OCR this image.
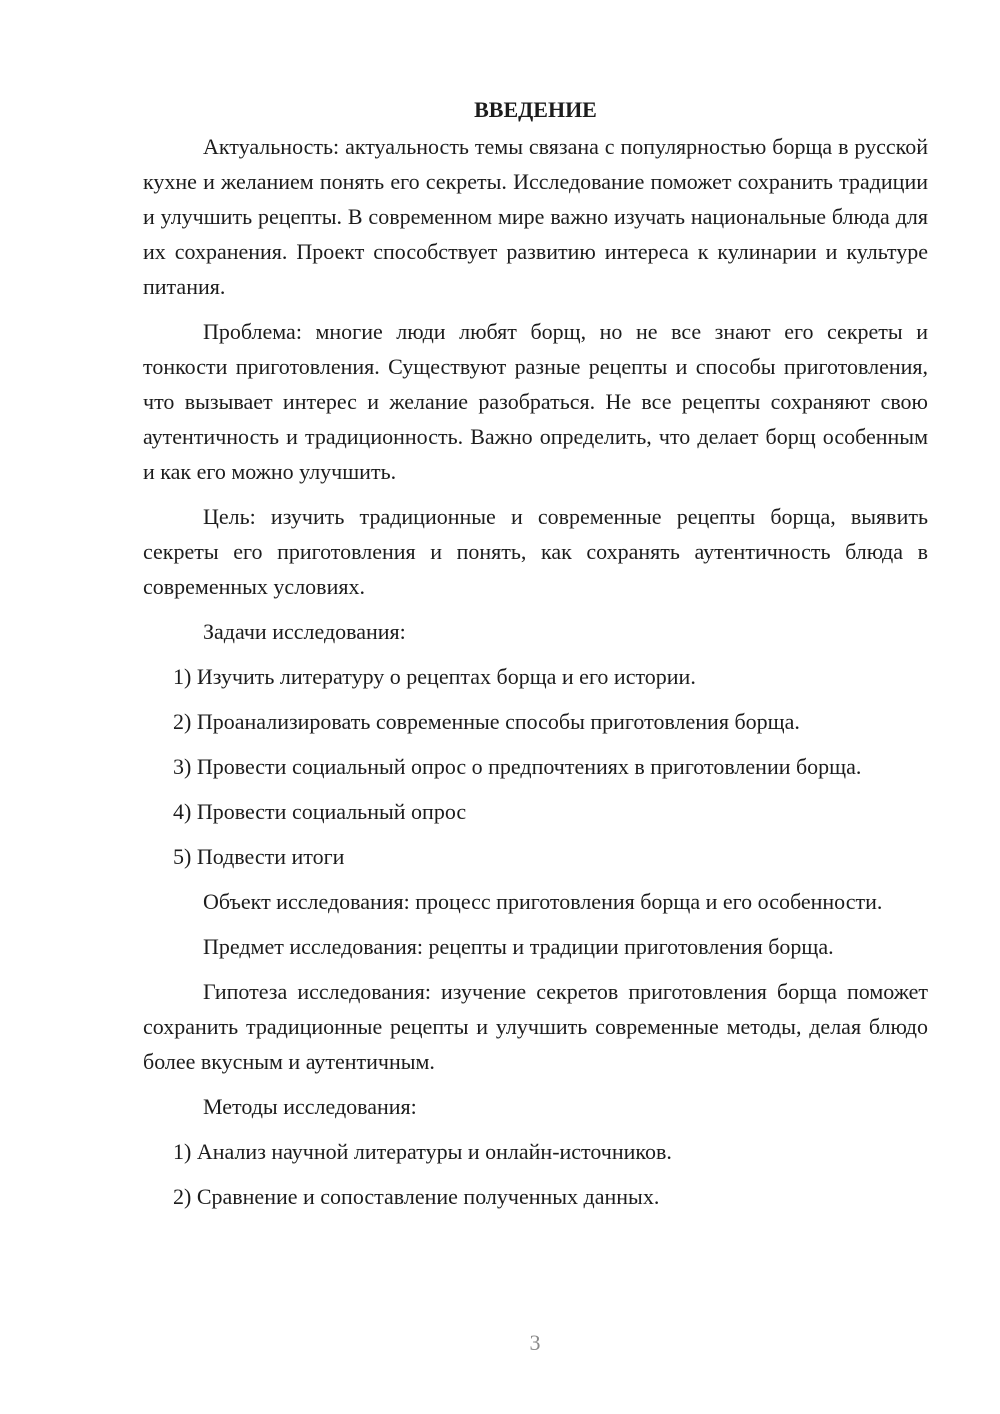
ВВЕДЕНИЕ

Актуальность: актуальность темы связана с популярностью борща в русской кухне и желанием понять его секреты. Исследование поможет сохранить традиции и улучшить рецепты. В современном мире важно изучать национальные блюда для их сохранения. Проект способствует развитию интереса к кулинарии и культуре питания.

Проблема: многие люди любят борщ, но не все знают его секреты и тонкости приготовления. Существуют разные рецепты и способы приготовления, что вызывает интерес и желание разобраться. Не все рецепты сохраняют свою аутентичность и традиционность. Важно определить, что делает борщ особенным и как его можно улучшить.

Цель: изучить традиционные и современные рецепты борща, выявить секреты его приготовления и понять, как сохранять аутентичность блюда в современных условиях.

Задачи исследования:

1) Изучить литературу о рецептах борща и его истории.

2) Проанализировать современные способы приготовления борща.

3) Провести социальный опрос о предпочтениях в приготовлении борща.

4) Провести социальный опрос

5) Подвести итоги

Объект исследования: процесс приготовления борща и его особенности.

Предмет исследования: рецепты и традиции приготовления борща.

Гипотеза исследования: изучение секретов приготовления борща поможет сохранить традиционные рецепты и улучшить современные методы, делая блюдо более вкусным и аутентичным.

Методы исследования:

1) Анализ научной литературы и онлайн-источников.

2) Сравнение и сопоставление полученных данных.

3
